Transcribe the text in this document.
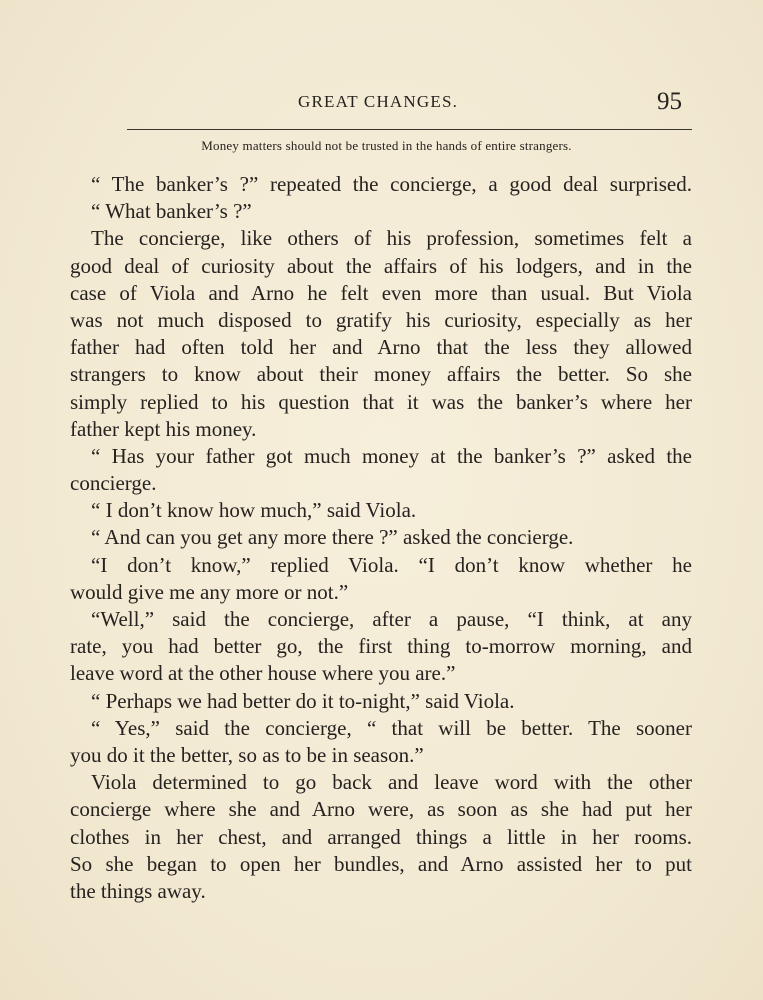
GREAT CHANGES.	95
Money matters should not be trusted in the hands of entire strangers.
“ The banker’s ?” repeated the concierge, a good deal surprised.
“ What banker’s ?”
The concierge, like others of his profession, sometimes felt a
good deal of curiosity about the affairs of his lodgers, and in the
case of Viola and Arno he felt even more than usual. But Viola
was not much disposed to gratify his curiosity, especially as her
father had often told her and Arno that the less they allowed
strangers to know about their money affairs the better. So she
simply replied to his question that it was the banker’s where her
father kept his money.
“ Has your father got much money at the banker’s ?” asked the
concierge.
“ I don’t know how much,” said Viola.
“ And can you get any more there ?” asked the concierge.
“I don’t know,” replied Viola. “I don’t know whether he
would give me any more or not.”
“Well,” said the concierge, after a pause, “I think, at any
rate, you had better go, the first thing to-morrow morning, and
leave word at the other house where you are.”
“ Perhaps we had better do it to-night,” said Viola.
“ Yes,” said the concierge, “ that will be better. The sooner
you do it the better, so as to be in season.”
Viola determined to go back and leave word with the other
concierge where she and Arno were, as soon as she had put her
clothes in her chest, and arranged things a little in her rooms.
So she began to open her bundles, and Arno assisted her to put
the things away.
